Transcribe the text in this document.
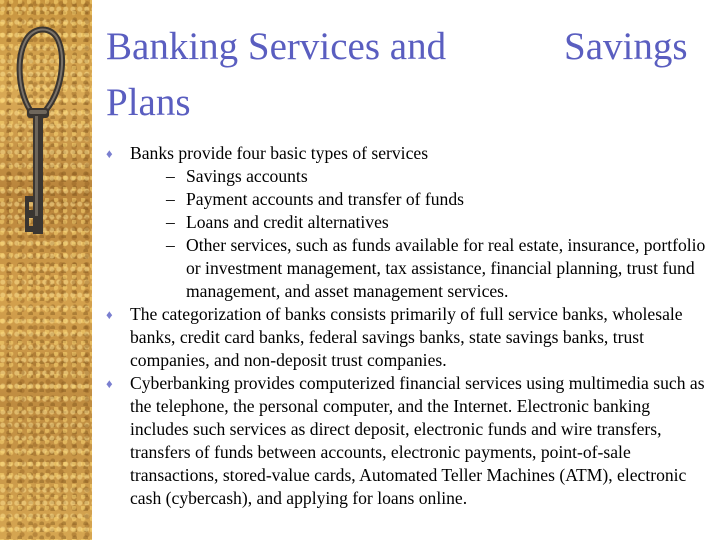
Banking Services and	Savings
Plans
♦ Banks provide four basic types of services
– Savings accounts
– Payment accounts and transfer of funds
– Loans and credit alternatives
– Other services, such as funds available for real estate, insurance, portfolio or investment management, tax assistance, financial planning, trust fund management, and asset management services.
♦ The categorization of banks consists primarily of full service banks, wholesale banks, credit card banks, federal savings banks, state savings banks, trust companies, and non-deposit trust companies.
♦ Cyberbanking provides computerized financial services using multimedia such as the telephone, the personal computer, and the Internet. Electronic banking includes such services as direct deposit, electronic funds and wire transfers, transfers of funds between accounts, electronic payments, point-of-sale transactions, stored-value cards, Automated Teller Machines (ATM), electronic cash (cybercash), and applying for loans online.
